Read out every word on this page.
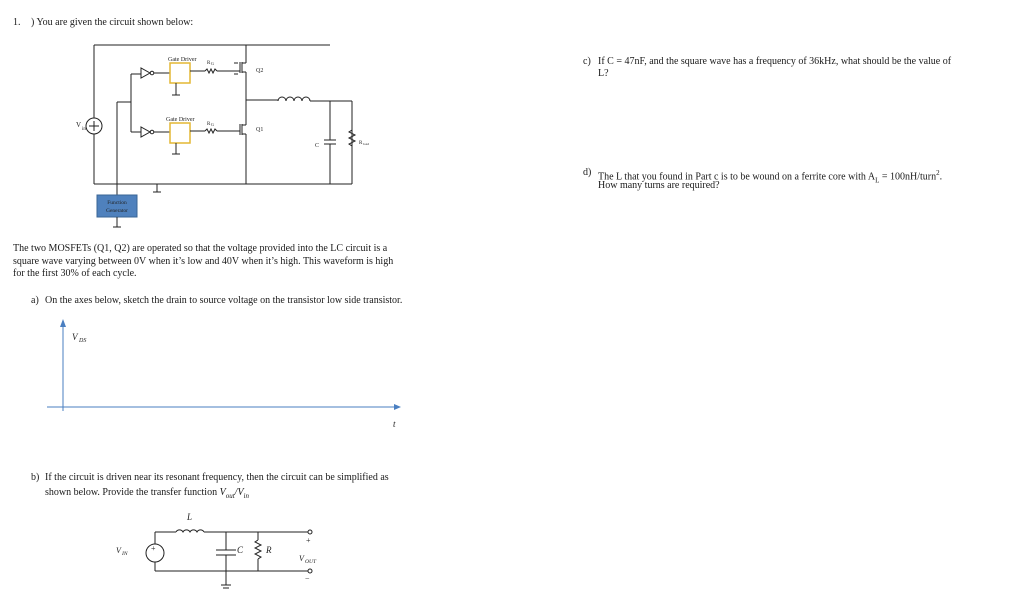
1. ) You are given the circuit shown below:
V
in
Gate Driver
R G
Q2
Gate Driver
R G
Q1
C	R load
Function
Generator
The two MOSFETs (Q1, Q2) are operated so that the voltage provided into the LC circuit is a
square wave varying between 0V when it’s low and 40V when it’s high. This waveform is high
for the first 30% of each cycle.
a) On the axes below, sketch the drain to source voltage on the transistor low side transistor.
V DS
t
b) If the circuit is driven near its resonant frequency, then the circuit can be simplified as
shown below. Provide the transfer function $V_{out}/V_{in}$
+
V IN
L
+
V OUT
C	R
−
c) If C = 47nF, and the square wave has a frequency of 36kHz, what should be the value of
L?
d) The L that you found in Part c is to be wound on a ferrite core with $A_L$ = 100nH/turn$^2$.
How many turns are required?
